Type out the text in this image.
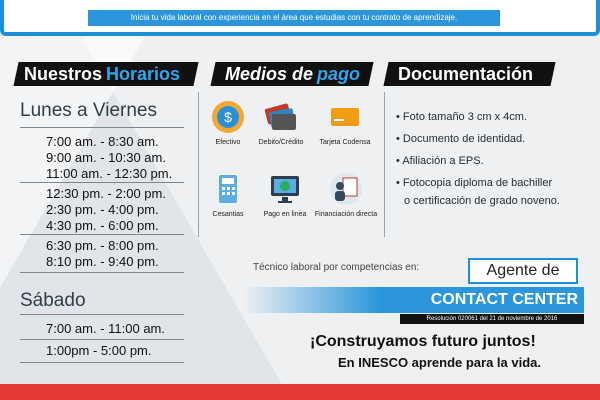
Inicia tu vida laboral con experiencia en el área que estudias con tu contrato de aprendizaje.
Nuestros Horarios
Lunes a Viernes
7:00 am. - 8:30 am.
9:00 am. - 10:30 am.
11:00 am. - 12:30 pm.
12:30 pm. - 2:00 pm.
2:30 pm. - 4:00 pm.
4:30 pm. - 6:00 pm.
6:30 pm. - 8:00 pm.
8:10 pm. - 9:40 pm.
Sábado
7:00 am. - 11:00 am.
1:00pm - 5:00 pm.
Medios de pago
$
Efectivo	Debito/Crédito	Tarjeta Codensa
Cesantias	Pago en linea	Financiación directa
Documentación
• Foto tamaño 3 cm x 4cm.
• Documento de identidad.
• Afiliación a EPS.
• Fotocopia diploma de bachiller
o certificación de grado noveno.
Técnico laboral por competencias en:	Agente de
CONTACT CENTER
Resolución 020061 del 21 de noviembre de 2016
¡Construyamos futuro juntos!
En INESCO aprende para la vida.
